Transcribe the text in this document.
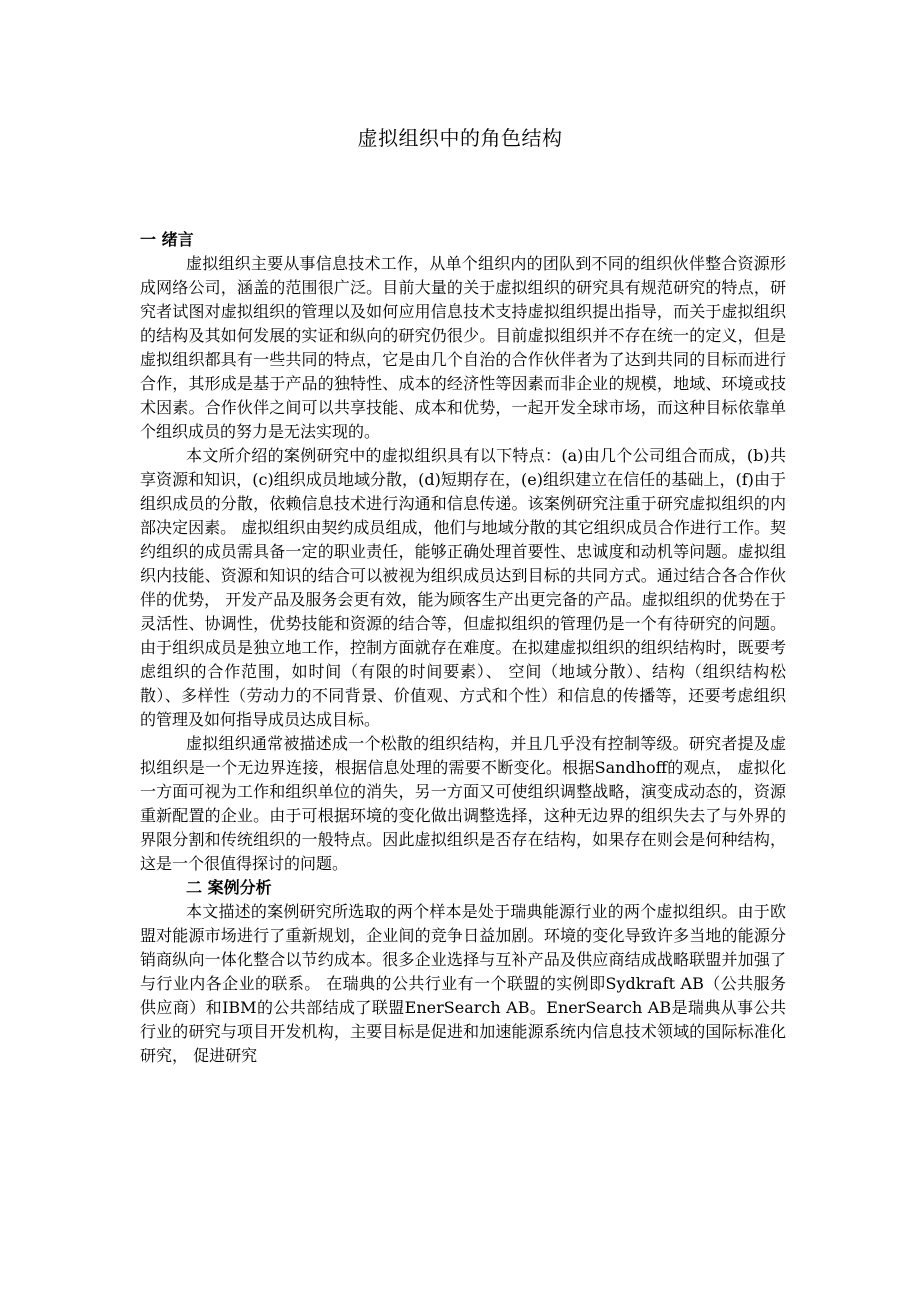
虚拟组织中的角色结构

一 绪言

虚拟组织主要从事信息技术工作，从单个组织内的团队到不同的组织伙伴整合资源形成网络公司，涵盖的范围很广泛。目前大量的关于虚拟组织的研究具有规范研究的特点，研究者试图对虚拟组织的管理以及如何应用信息技术支持虚拟组织提出指导，而关于虚拟组织的结构及其如何发展的实证和纵向的研究仍很少。目前虚拟组织并不存在统一的定义，但是虚拟组织都具有一些共同的特点，它是由几个自治的合作伙伴者为了达到共同的目标而进行合作，其形成是基于产品的独特性、成本的经济性等因素而非企业的规模，地域、环境或技术因素。合作伙伴之间可以共享技能、成本和优势，一起开发全球市场，而这种目标依靠单个组织成员的努力是无法实现的。

本文所介绍的案例研究中的虚拟组织具有以下特点：(a)由几个公司组合而成，(b)共享资源和知识，(c)组织成员地域分散，(d)短期存在，(e)组织建立在信任的基础上，(f)由于组织成员的分散，依赖信息技术进行沟通和信息传递。该案例研究注重于研究虚拟组织的内部决定因素。 虚拟组织由契约成员组成，他们与地域分散的其它组织成员合作进行工作。契约组织的成员需具备一定的职业责任，能够正确处理首要性、忠诚度和动机等问题。虚拟组织内技能、资源和知识的结合可以被视为组织成员达到目标的共同方式。通过结合各合作伙伴的优势， 开发产品及服务会更有效，能为顾客生产出更完备的产品。虚拟组织的优势在于灵活性、协调性，优势技能和资源的结合等，但虚拟组织的管理仍是一个有待研究的问题。 由于组织成员是独立地工作，控制方面就存在难度。在拟建虚拟组织的组织结构时，既要考虑组织的合作范围，如时间（有限的时间要素）、 空间（地域分散）、结构（组织结构松散）、多样性（劳动力的不同背景、价值观、方式和个性）和信息的传播等，还要考虑组织的管理及如何指导成员达成目标。

虚拟组织通常被描述成一个松散的组织结构，并且几乎没有控制等级。研究者提及虚拟组织是一个无边界连接，根据信息处理的需要不断变化。根据Sandhoff的观点， 虚拟化一方面可视为工作和组织单位的消失，另一方面又可使组织调整战略，演变成动态的，资源重新配置的企业。由于可根据环境的变化做出调整选择，这种无边界的组织失去了与外界的界限分割和传统组织的一般特点。因此虚拟组织是否存在结构，如果存在则会是何种结构，这是一个很值得探讨的问题。

二 案例分析

本文描述的案例研究所选取的两个样本是处于瑞典能源行业的两个虚拟组织。由于欧盟对能源市场进行了重新规划，企业间的竞争日益加剧。环境的变化导致许多当地的能源分销商纵向一体化整合以节约成本。很多企业选择与互补产品及供应商结成战略联盟并加强了与行业内各企业的联系。 在瑞典的公共行业有一个联盟的实例即Sydkraft AB（公共服务供应商）和IBM的公共部结成了联盟EnerSearch AB。EnerSearch AB是瑞典从事公共行业的研究与项目开发机构，主要目标是促进和加速能源系统内信息技术领域的国际标准化研究， 促进研究
